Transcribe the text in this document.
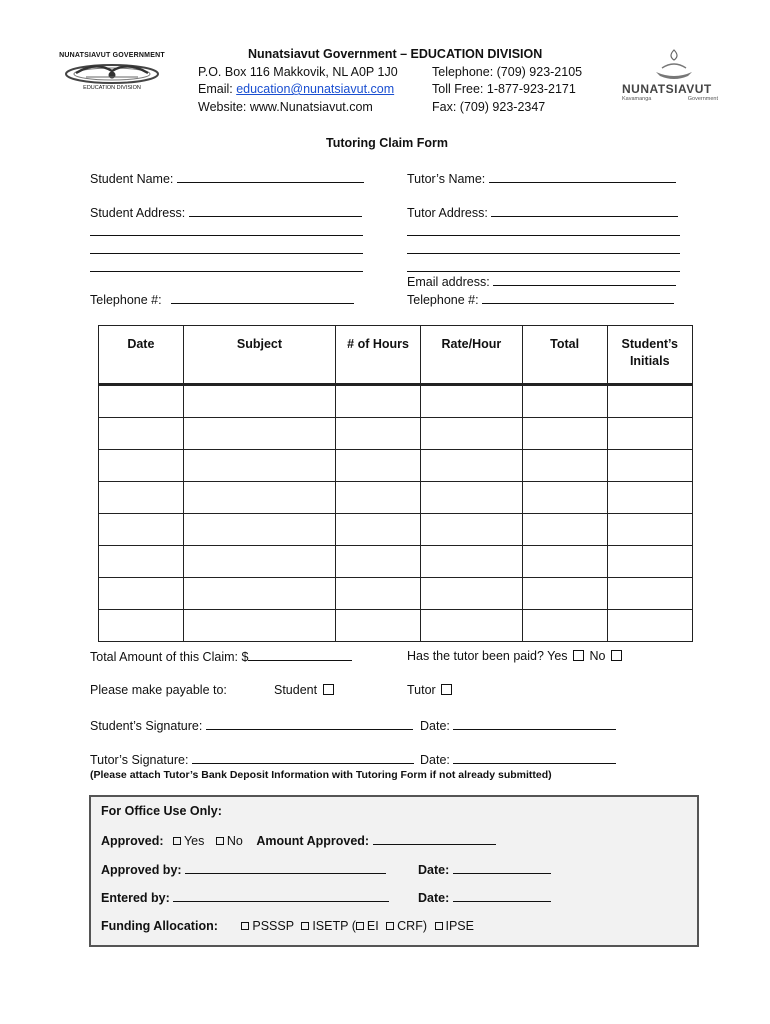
NUNATSIAVUT GOVERNMENT
EDUCATION DIVISION
Nunatsiavut Government – EDUCATION DIVISION
P.O. Box 116 Makkovik, NL A0P 1J0
Email: education@nunatsiavut.com
Website: www.Nunatsiavut.com
Telephone: (709) 923-2105
Toll Free: 1-877-923-2171
Fax: (709) 923-2347
NUNATSIAVUT
Kavamanga	Government
Tutoring Claim Form
Student Name:	Tutor’s Name:
Student Address:	Tutor Address:
Email address:
Telephone #:	Telephone #:
Date	Subject	# of Hours	Rate/Hour	Total	Student’s Initials

Total Amount of this Claim: $	Has the tutor been paid? Yes No
Please make payable to:	Student	Tutor
Student’s Signature:	Date:
Tutor’s Signature:	Date:
(Please attach Tutor’s Bank Deposit Information with Tutoring Form if not already submitted)
For Office Use Only:
Approved: Yes No Amount Approved:
Approved by:	Date:
Entered by:	Date:
Funding Allocation:	PSSSP ISETP ( EI CRF) IPSE
